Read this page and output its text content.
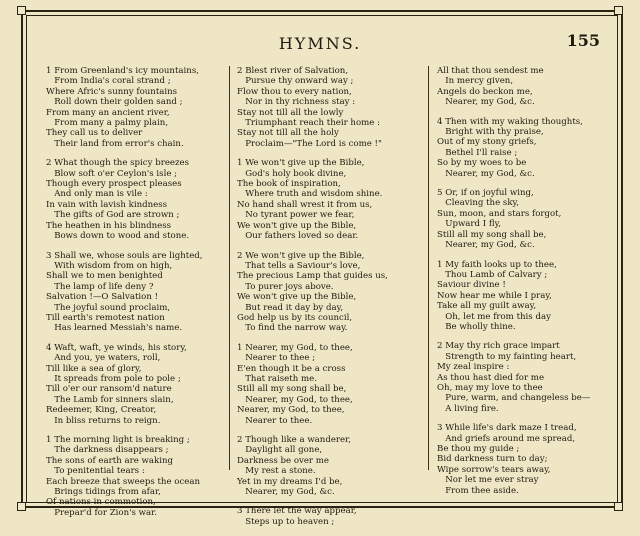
HYMNS.	155
1 From Greenland's icy mountains,
From India's coral strand ;
Where Afric's sunny fountains
Roll down their golden sand ;
From many an ancient river,
From many a palmy plain,
They call us to deliver
Their land from error's chain.
2 What though the spicy breezes
Blow soft o'er Ceylon's isle ;
Though every prospect pleases
And only man is vile :
In vain with lavish kindness
The gifts of God are strown ;
The heathen in his blindness
Bows down to wood and stone.
3 Shall we, whose souls are lighted,
With wisdom from on high,
Shall we to men benighted
The lamp of life deny ?
Salvation !—O Salvation !
The joyful sound proclaim,
Till earth's remotest nation
Has learned Messiah's name.
4 Waft, waft, ye winds, his story,
And you, ye waters, roll,
Till like a sea of glory,
It spreads from pole to pole ;
Till o'er our ransom'd nature
The Lamb for sinners slain,
Redeemer, King, Creator,
In bliss returns to reign.
1 The morning light is breaking ;
The darkness disappears ;
The sons of earth are waking
To penitential tears :
Each breeze that sweeps the ocean
Brings tidings from afar,
Of nations in commotion,
Prepar'd for Zion's war.
2 Blest river of Salvation,
Pursue thy onward way ;
Flow thou to every nation,
Nor in thy richness stay :
Stay not till all the lowly
Triumphant reach their home :
Stay not till all the holy
Proclaim—"The Lord is come !"
1 We won't give up the Bible,
God's holy book divine,
The book of inspiration,
Where truth and wisdom shine.
No hand shall wrest it from us,
No tyrant power we fear,
We won't give up the Bible,
Our fathers loved so dear.
2 We won't give up the Bible,
That tells a Saviour's love,
The precious Lamp that guides us,
To purer joys above.
We won't give up the Bible,
But read it day by day,
God help us by its council,
To find the narrow way.
1 Nearer, my God, to thee,
Nearer to thee ;
E'en though it be a cross
That raiseth me.
Still all my song shall be,
Nearer, my God, to thee,
Nearer, my God, to thee,
Nearer to thee.
2 Though like a wanderer,
Daylight all gone,
Darkness be over me
My rest a stone.
Yet in my dreams I'd be,
Nearer, my God, &c.
3 There let the way appear,
Steps up to heaven ;
All that thou sendest me
In mercy given,
Angels do beckon me,
Nearer, my God, &c.
4 Then with my waking thoughts,
Bright with thy praise,
Out of my stony griefs,
Bethel I'll raise ;
So by my woes to be
Nearer, my God, &c.
5 Or, if on joyful wing,
Cleaving the sky,
Sun, moon, and stars forgot,
Upward I fly,
Still all my song shall be,
Nearer, my God, &c.
1 My faith looks up to thee,
Thou Lamb of Calvary ;
Saviour divine !
Now hear me while I pray,
Take all my guilt away,
Oh, let me from this day
Be wholly thine.
2 May thy rich grace impart
Strength to my fainting heart,
My zeal inspire :
As thou hast died for me
Oh, may my love to thee
Pure, warm, and changeless be—
A living fire.
3 While life's dark maze I tread,
And griefs around me spread,
Be thou my guide ;
Bid darkness turn to day;
Wipe sorrow's tears away,
Nor let me ever stray
From thee aside.
